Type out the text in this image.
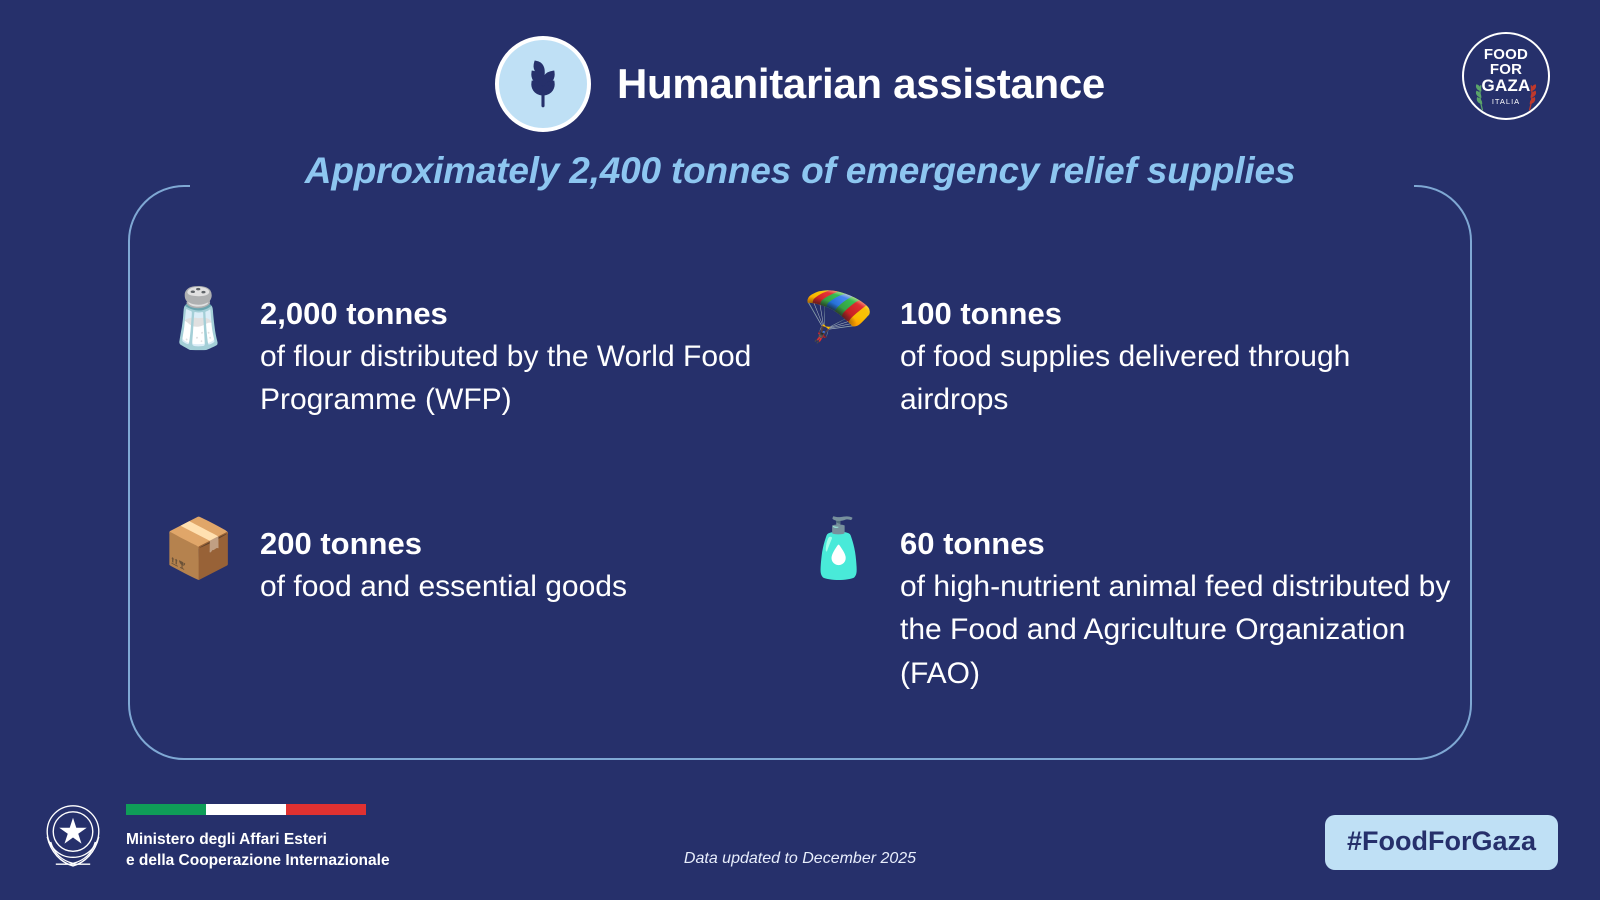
Humanitarian assistance
FOOD
FOR
GAZA
ITALIA
Approximately 2,400 tonnes of emergency relief supplies
🧂 2,000 tonnes
of flour distributed by the World Food Programme (WFP)
🪂 100 tonnes
of food supplies delivered through airdrops
📦 200 tonnes
of food and essential goods
🧴 60 tonnes
of high-nutrient animal feed distributed by the Food and Agriculture Organization (FAO)
Ministero degli Affari Esteri
e della Cooperazione Internazionale	Data updated to December 2025
#FoodForGaza
